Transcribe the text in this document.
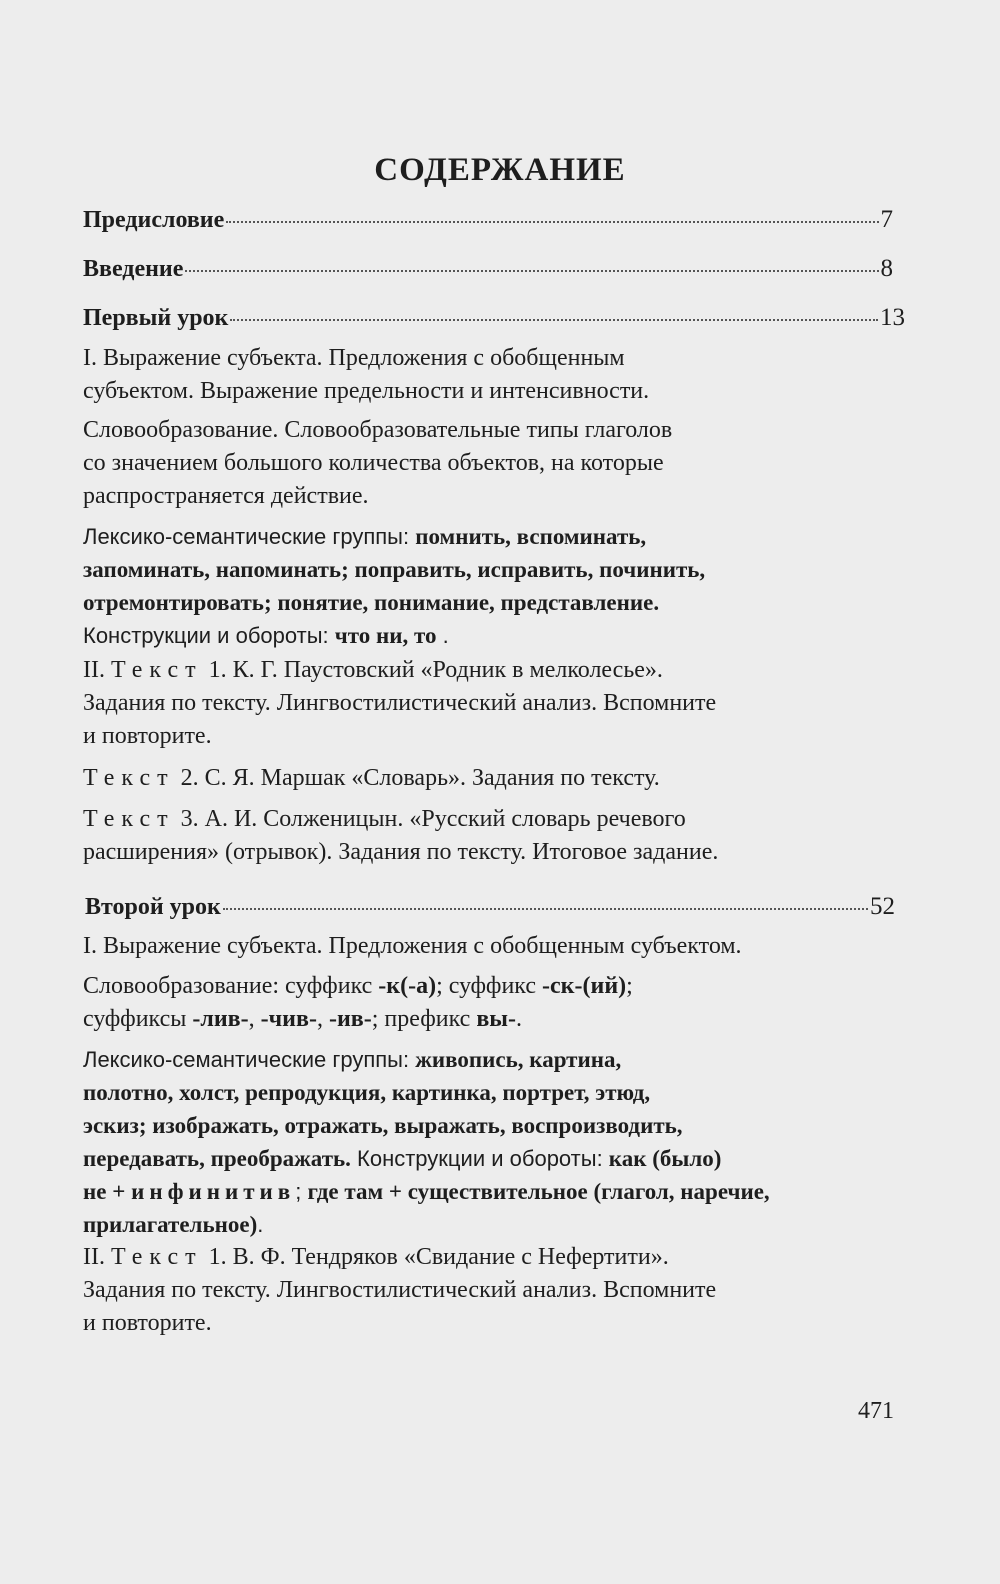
СОДЕРЖАНИЕ
Предисловие	7
Введение	8
Первый урок	13
I. Выражение субъекта. Предложения с обобщенным
субъектом. Выражение предельности и интенсивности.
Словообразование. Словообразовательные типы глаголов
со значением большого количества объектов, на которые
распространяется действие.
Лексико-семантические группы: помнить, вспоминать,
запоминать, напоминать; поправить, исправить, починить,
отремонтировать; понятие, понимание, представление.
Конструкции и обороты: что ни, то .
II. Текст 1. К. Г. Паустовский «Родник в мелколесье».
Задания по тексту. Лингвостилистический анализ. Вспомните
и повторите.
Текст 2. С. Я. Маршак «Словарь». Задания по тексту.
Текст 3. А. И. Солженицын. «Русский словарь речевого
расширения» (отрывок). Задания по тексту. Итоговое задание.
Второй урок	52
I. Выражение субъекта. Предложения с обобщенным субъектом.
Словообразование: суффикс -к(-а); суффикс -ск-(ий);
суффиксы -лив-, -чив-, -ив-; префикс вы-.
Лексико-семантические группы: живопись, картина,
полотно, холст, репродукция, картинка, портрет, этюд,
эскиз; изображать, отражать, выражать, воспроизводить,
передавать, преображать. Конструкции и обороты: как (было)
не + инфинитив; где там + существительное (глагол, наречие,
прилагательное).
II. Текст 1. В. Ф. Тендряков «Свидание с Нефертити».
Задания по тексту. Лингвостилистический анализ. Вспомните
и повторите.
471
